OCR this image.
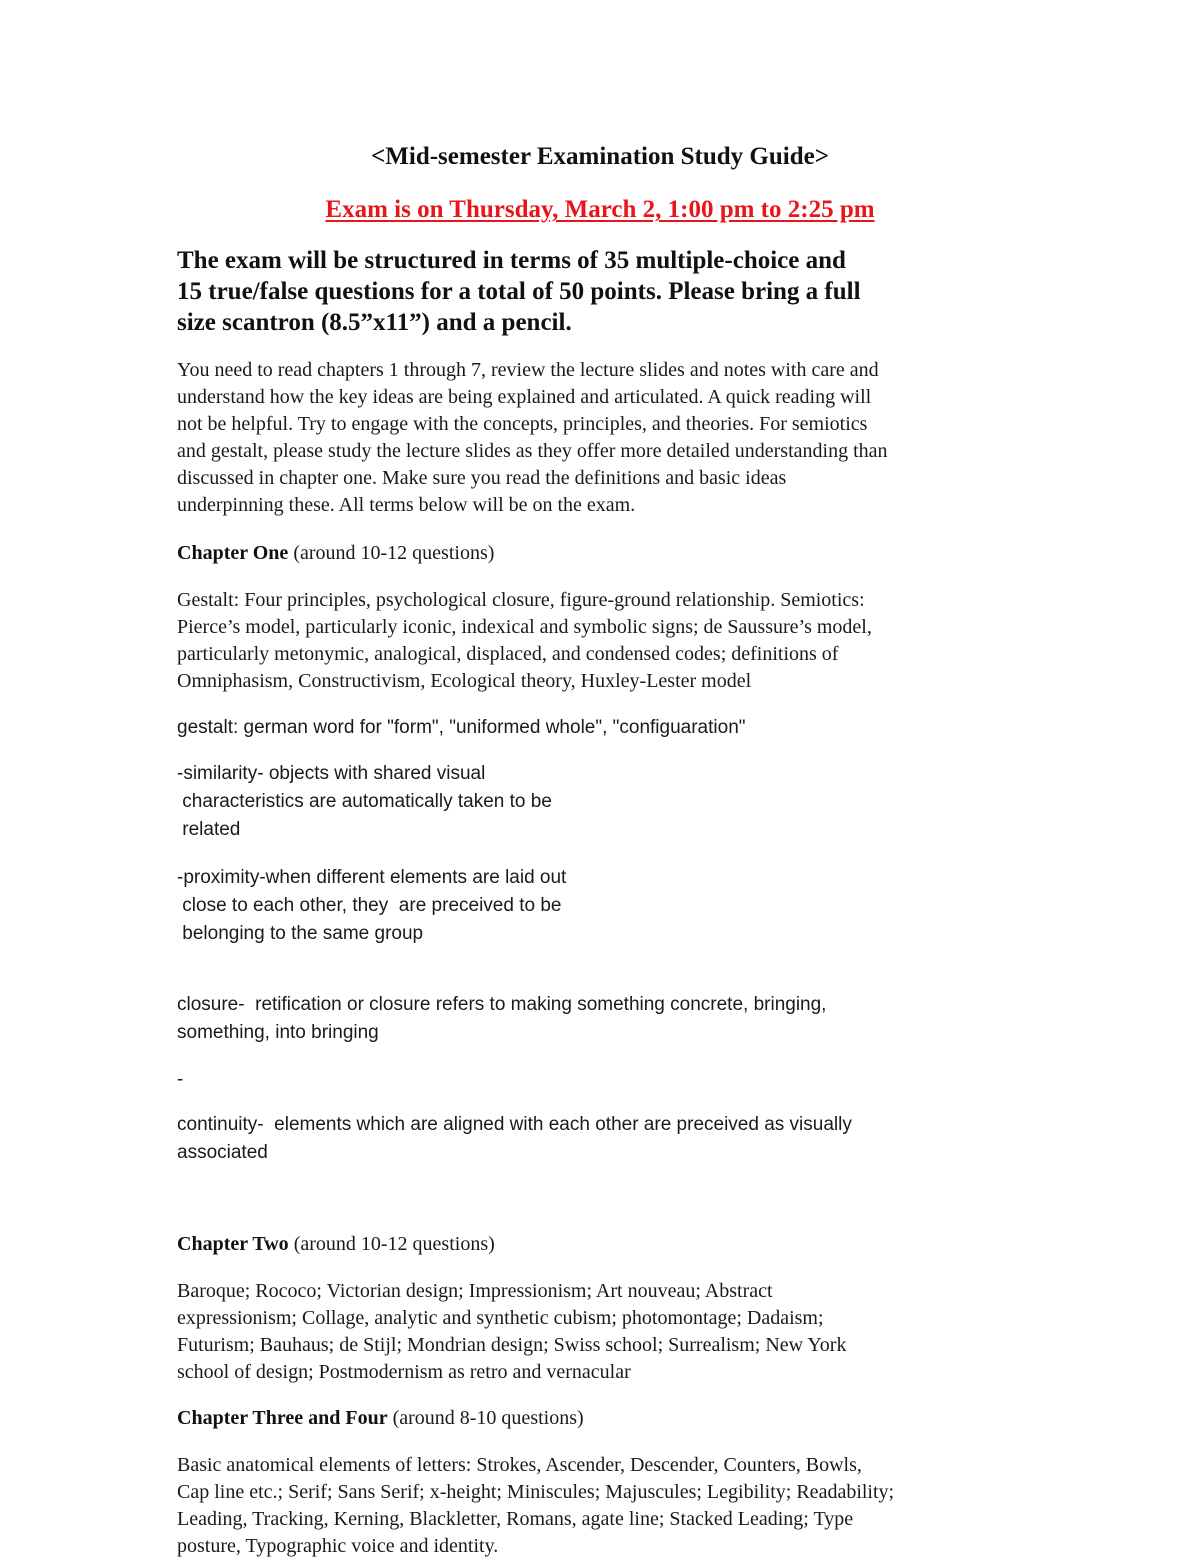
<Mid-semester Examination Study Guide>
Exam is on Thursday, March 2, 1:00 pm to 2:25 pm
The exam will be structured in terms of 35 multiple-choice and
15 true/false questions for a total of 50 points. Please bring a full
size scantron (8.5”x11”) and a pencil.
You need to read chapters 1 through 7, review the lecture slides and notes with care and
understand how the key ideas are being explained and articulated. A quick reading will
not be helpful. Try to engage with the concepts, principles, and theories. For semiotics
and gestalt, please study the lecture slides as they offer more detailed understanding than
discussed in chapter one. Make sure you read the definitions and basic ideas
underpinning these. All terms below will be on the exam.
Chapter One (around 10-12 questions)
Gestalt: Four principles, psychological closure, figure-ground relationship. Semiotics:
Pierce’s model, particularly iconic, indexical and symbolic signs; de Saussure’s model,
particularly metonymic, analogical, displaced, and condensed codes; definitions of
Omniphasism, Constructivism, Ecological theory, Huxley-Lester model
gestalt: german word for "form", "uniformed whole", "configuaration"
-similarity- objects with shared visual
characteristics are automatically taken to be
related
-proximity-when different elements are laid out
close to each other, they  are preceived to be
belonging to the same group
closure-  retification or closure refers to making something concrete, bringing,
something, into bringing
-
continuity-  elements which are aligned with each other are preceived as visually
associated
Chapter Two (around 10-12 questions)
Baroque; Rococo; Victorian design; Impressionism; Art nouveau; Abstract
expressionism; Collage, analytic and synthetic cubism; photomontage; Dadaism;
Futurism; Bauhaus; de Stijl; Mondrian design; Swiss school; Surrealism; New York
school of design; Postmodernism as retro and vernacular
Chapter Three and Four (around 8-10 questions)
Basic anatomical elements of letters: Strokes, Ascender, Descender, Counters, Bowls,
Cap line etc.; Serif; Sans Serif; x-height; Miniscules; Majuscules; Legibility; Readability;
Leading, Tracking, Kerning, Blackletter, Romans, agate line; Stacked Leading; Type
posture, Typographic voice and identity.
